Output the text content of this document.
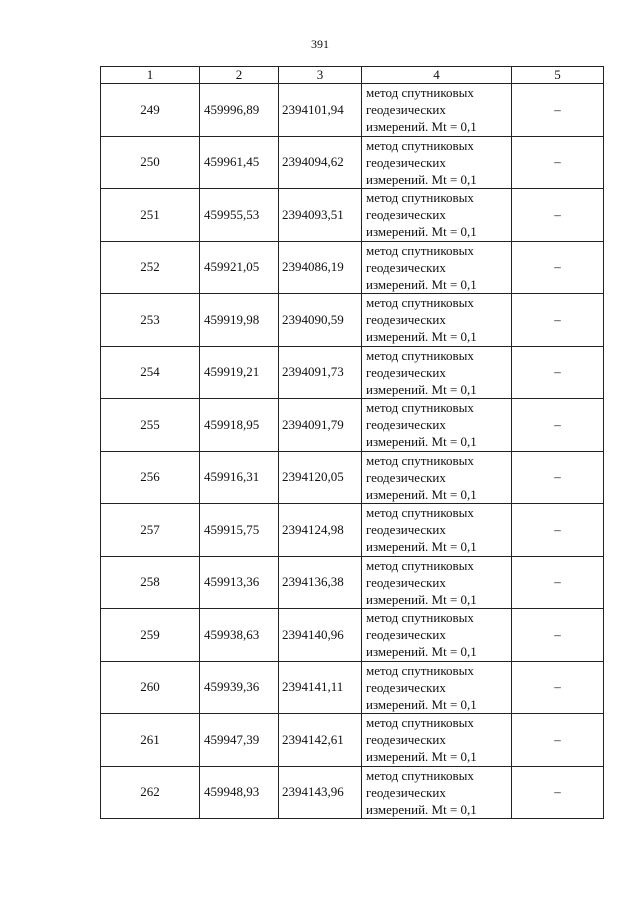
391
1	2	3	4	5
249	459996,89	2394101,94	метод спутниковых
геодезических
измерений. Mt = 0,1	–
250	459961,45	2394094,62	метод спутниковых
геодезических
измерений. Mt = 0,1	–
251	459955,53	2394093,51	метод спутниковых
геодезических
измерений. Mt = 0,1	–
252	459921,05	2394086,19	метод спутниковых
геодезических
измерений. Mt = 0,1	–
253	459919,98	2394090,59	метод спутниковых
геодезических
измерений. Mt = 0,1	–
254	459919,21	2394091,73	метод спутниковых
геодезических
измерений. Mt = 0,1	–
255	459918,95	2394091,79	метод спутниковых
геодезических
измерений. Mt = 0,1	–
256	459916,31	2394120,05	метод спутниковых
геодезических
измерений. Mt = 0,1	–
257	459915,75	2394124,98	метод спутниковых
геодезических
измерений. Mt = 0,1	–
258	459913,36	2394136,38	метод спутниковых
геодезических
измерений. Mt = 0,1	–
259	459938,63	2394140,96	метод спутниковых
геодезических
измерений. Mt = 0,1	–
260	459939,36	2394141,11	метод спутниковых
геодезических
измерений. Mt = 0,1	–
261	459947,39	2394142,61	метод спутниковых
геодезических
измерений. Mt = 0,1	–
262	459948,93	2394143,96	метод спутниковых
геодезических
измерений. Mt = 0,1	–
